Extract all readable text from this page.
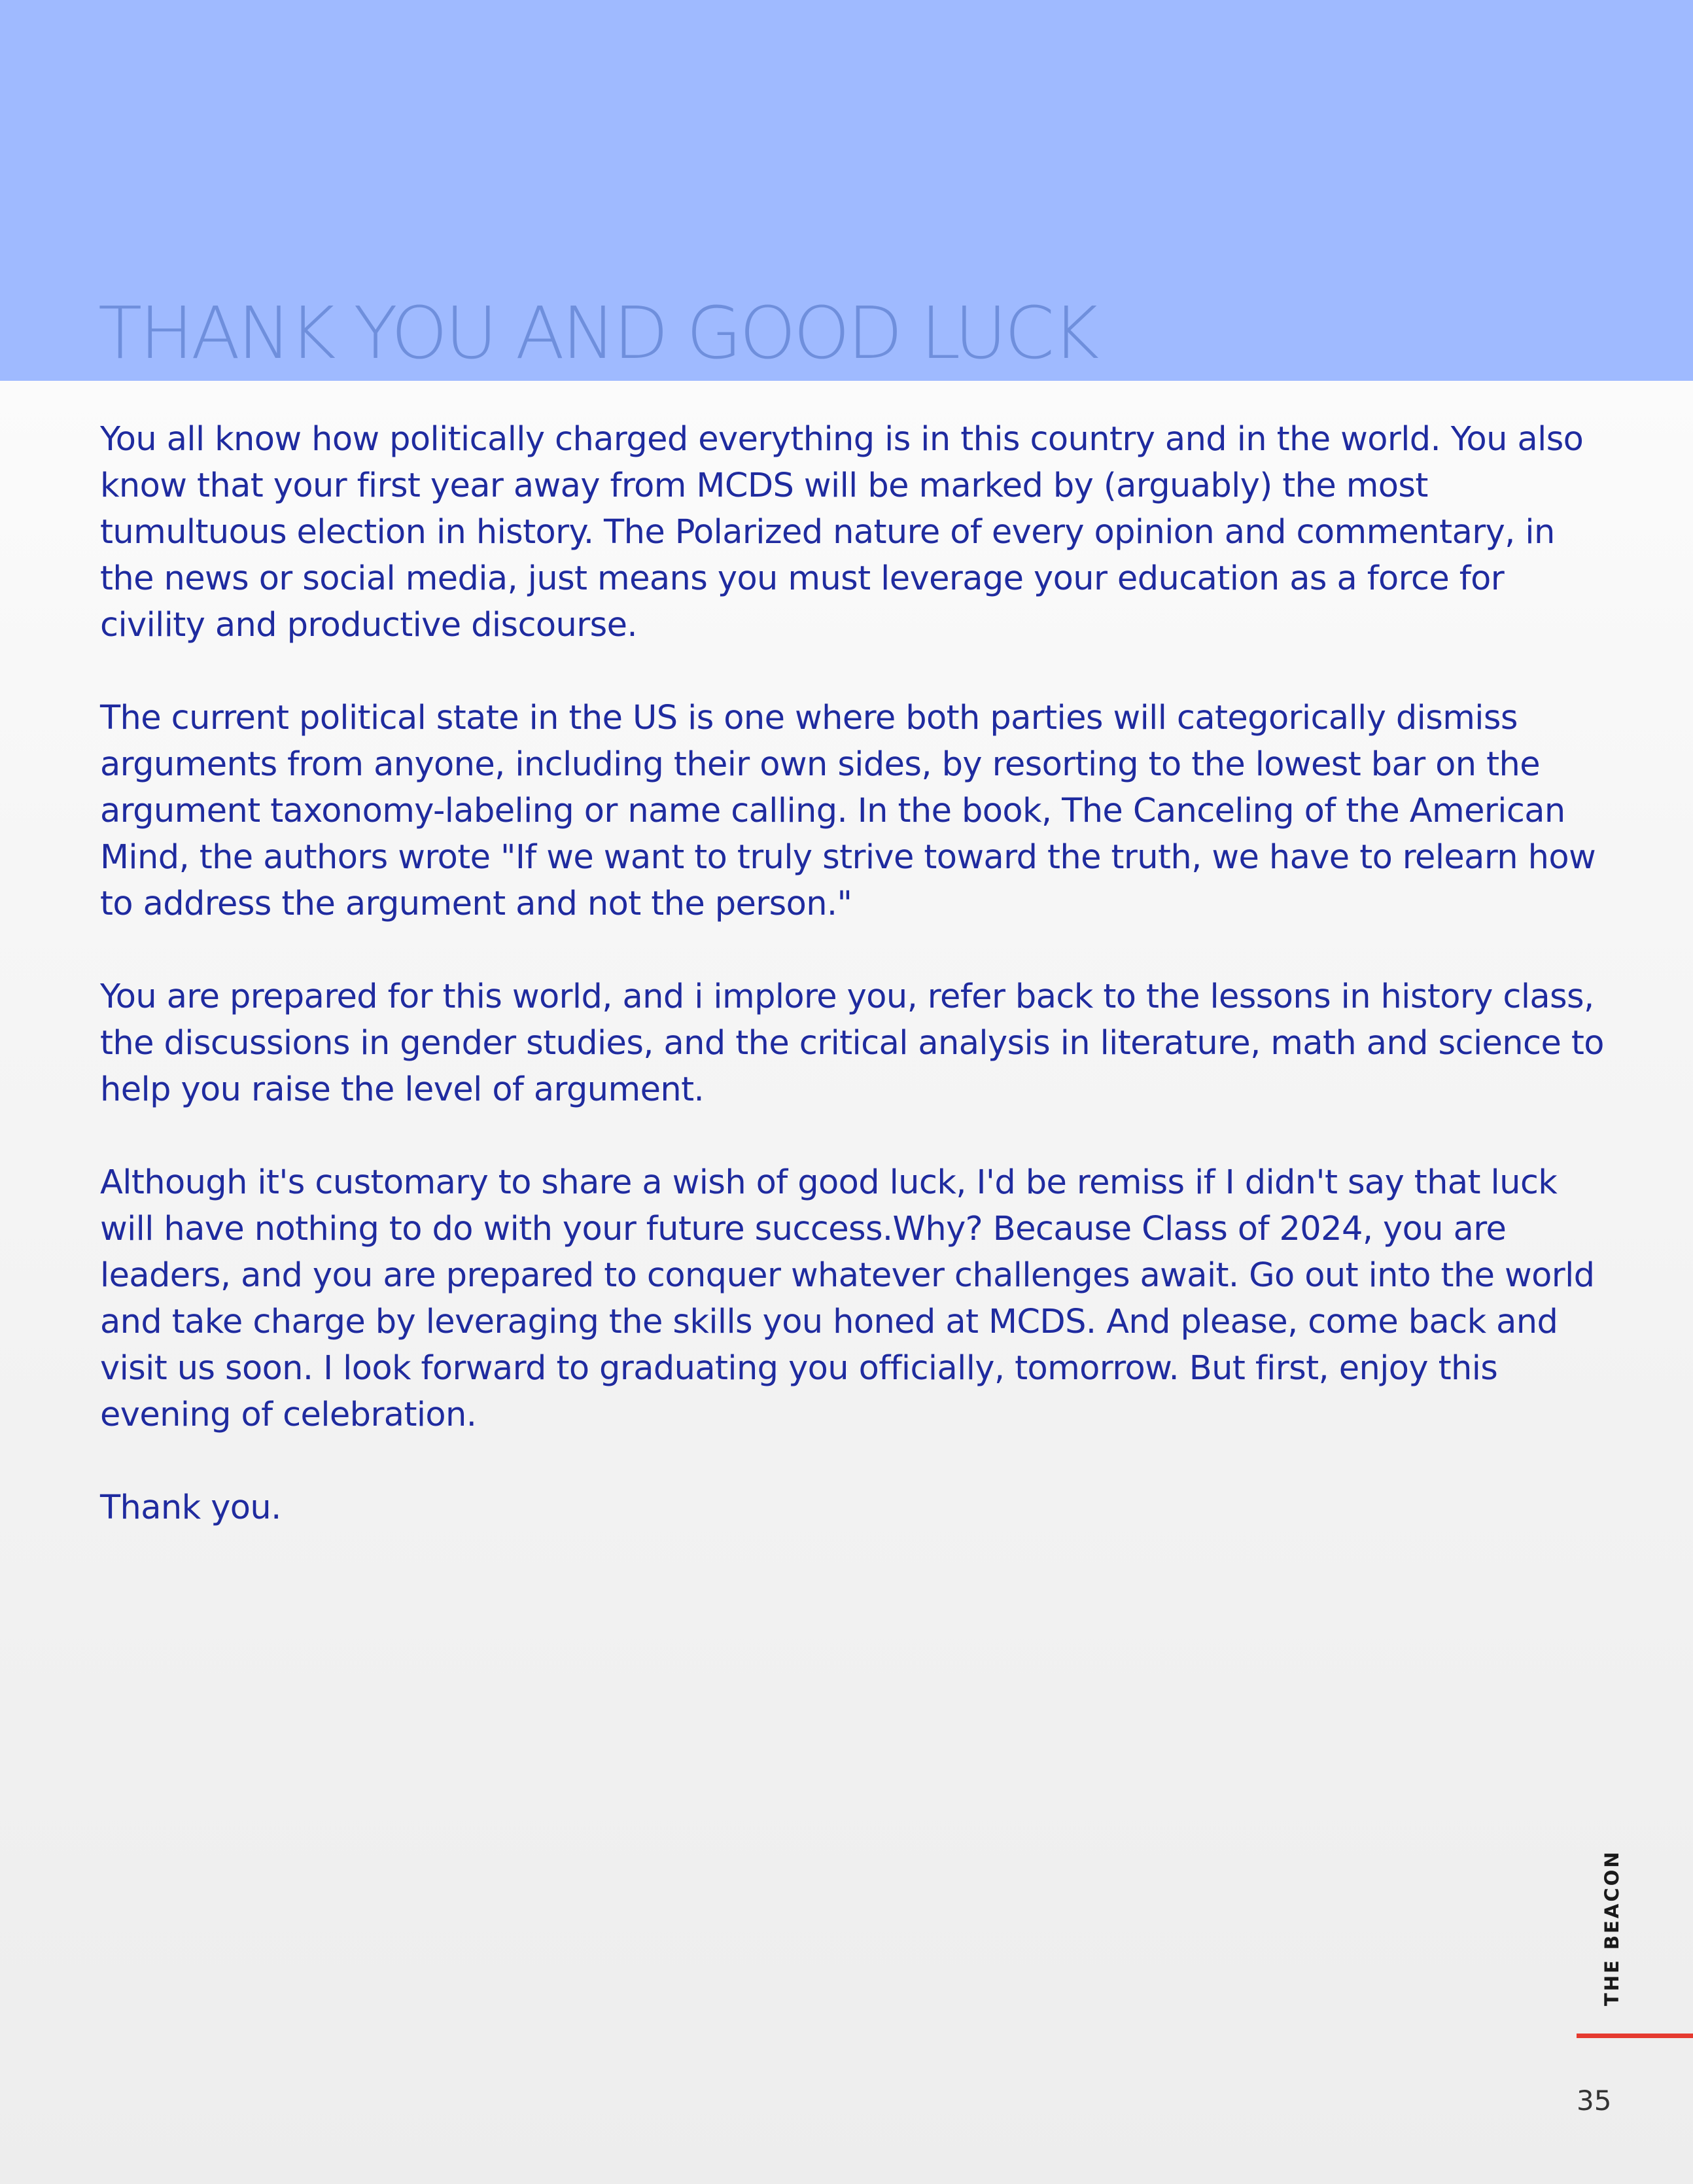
THANK YOU AND GOOD LUCK

You all know how politically charged everything is in this country and in the world. You also know that your first year away from MCDS will be marked by (arguably) the most tumultuous election in history. The Polarized nature of every opinion and commentary, in the news or social media, just means you must leverage your education as a force for civility and productive discourse.

The current political state in the US is one where both parties will categorically dismiss arguments from anyone, including their own sides, by resorting to the lowest bar on the argument taxonomy-labeling or name calling. In the book, The Canceling of the American Mind, the authors wrote "If we want to truly strive toward the truth, we have to relearn how to address the argument and not the person."

You are prepared for this world, and i implore you, refer back to the lessons in history class, the discussions in gender studies, and the critical analysis in literature, math and science to help you raise the level of argument.

Although it's customary to share a wish of good luck, I'd be remiss if I didn't say that luck will have nothing to do with your future success.Why? Because Class of 2024, you are leaders, and you are prepared to conquer whatever challenges await. Go out into the world and take charge by leveraging the skills you honed at MCDS. And please, come back and visit us soon. I look forward to graduating you officially, tomorrow. But first, enjoy this evening of celebration.

Thank you.

THE BEACON
35
